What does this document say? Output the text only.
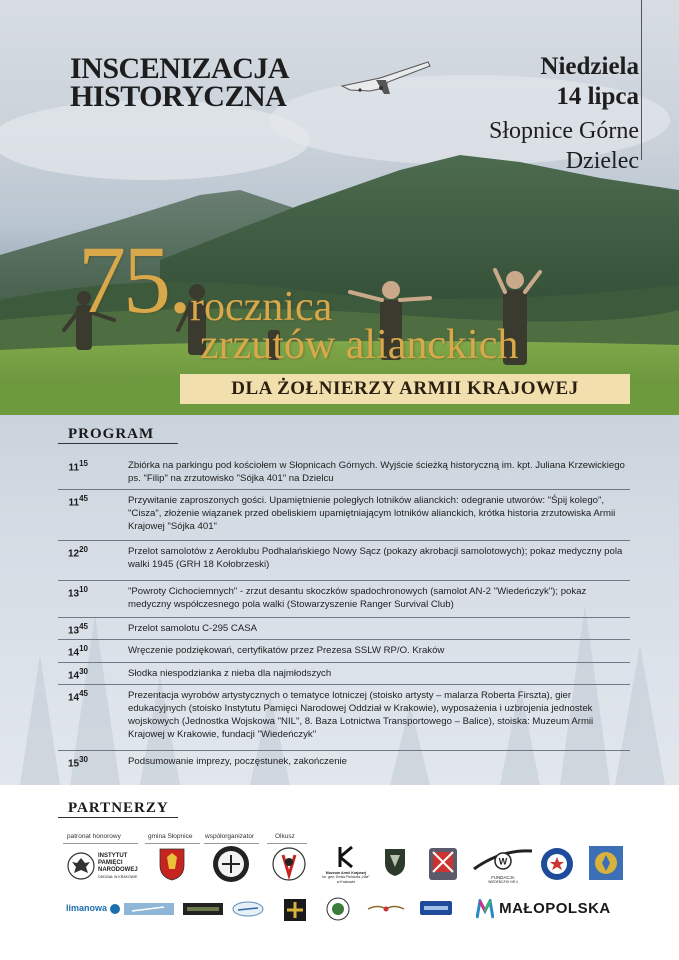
INSCENIZACJA
HISTORYCZNA
Niedziela
14 lipca
Słopnice Górne
Dzielec
75. rocznica
zrzutów alianckich
DLA ŻOŁNIERZY ARMII KRAJOWEJ
PROGRAM
$11^{15}$	Zbiórka na parkingu pod kościołem w Słopnicach Górnych. Wyjście ścieżką historyczną im. kpt. Juliana Krzewickiego ps. "Filip" na zrzutowisko "Sójka 401" na Dzielcu
$11^{45}$	Przywitanie zaproszonych gości. Upamiętnienie poległych lotników alianckich: odegranie utworów: "Śpij kolego", "Cisza", złożenie wiązanek przed obeliskiem upamiętniającym lotników alianckich, krótka historia zrzutowiska Armii Krajowej "Sójka 401"
$12^{20}$	Przelot samolotów z Aeroklubu Podhalańskiego Nowy Sącz (pokazy akrobacji samolotowych); pokaz medyczny pola walki 1945 (GRH 18 Kołobrzeski)
$13^{10}$	"Powroty Cichociemnych" - zrzut desantu skoczków spadochronowych (samolot AN-2 "Wiedeńczyk"); pokaz medyczny współczesnego pola walki (Stowarzyszenie Ranger Survival Club)
$13^{45}$	Przelot samolotu C-295 CASA
$14^{10}$	Wręczenie podziękowań, certyfikatów przez Prezesa SSLW RP/O. Kraków
$14^{30}$	Słodka niespodzianka z nieba dla najmłodszych
$14^{45}$	Prezentacja wyrobów artystycznych o tematyce lotniczej (stoisko artysty – malarza Roberta Firszta), gier edukacyjnych (stoisko Instytutu Pamięci Narodowej Oddział w Krakowie), wyposażenia i uzbrojenia jednostek wojskowych (Jednostka Wojskowa "NIL", 8. Baza Lotnictwa Transportowego – Balice), stoiska: Muzeum Armii Krajowej w Krakowie, fundacji "Wiedeńczyk"
$15^{30}$	Podsumowanie imprezy, poczęstunek, zakończenie
PARTNERZY
patronat honorowy	gmina Słopnice współorganizator	Olkusz
INSTYTUT
PAMIĘCI
NARODOWEJ
ODDZIAŁ W KRAKOWIE
Muzeum Armii Krajowej
im. gen. Emila Fieldorfa „Nila"
w Krakowie
W
FUNDACJA
WIEDEŃCZYK NR 4
limanowa	MAŁOPOLSKA
